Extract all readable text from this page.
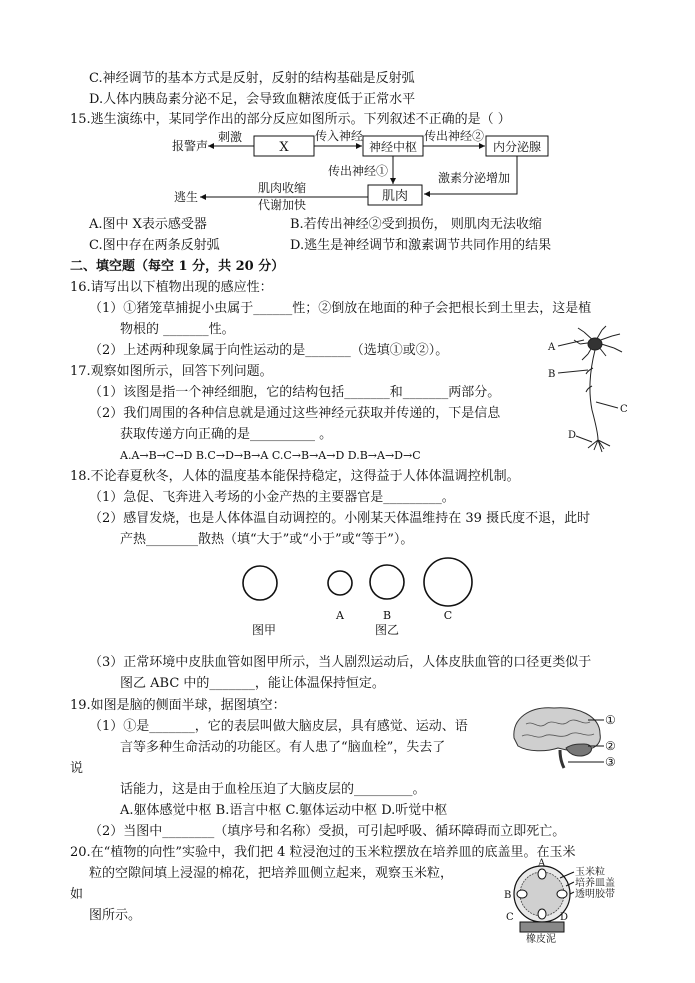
C.神经调节的基本方式是反射，反射的结构基础是反射弧
D.人体内胰岛素分泌不足，会导致血糖浓度低于正常水平
15.逃生演练中，某同学作出的部分反应如图所示。下列叙述不正确的是（ ）
X
报警声
刺激	传入神经
神经中枢
传出神经②
内分泌腺
传出神经①	激素分泌增加
肌肉
逃生
肌肉收缩
代谢加快
A.图中 X表示感受器	B.若传出神经②受到损伤， 则肌肉无法收缩
C.图中存在两条反射弧	D.逃生是神经调节和激素调节共同作用的结果
二、填空题（每空 1 分，共 20 分）
16.请写出以下植物出现的感应性：
（1）①猪笼草捕捉小虫属于______性；②倒放在地面的种子会把根长到土里去，这是植
物根的 _______性。
（2）上述两种现象属于向性运动的是_______（选填①或②）。	A
B
C
D
17.观察如图所示，回答下列问题。
（1）该图是指一个神经细胞，它的结构包括_______和_______两部分。
（2）我们周围的各种信息就是通过这些神经元获取并传递的，下是信息
获取传递方向正确的是__________ 。
A.A→B→C→D B.C→D→B→A C.C→B→A→D D.B→A→D→C
18.不论春夏秋冬，人体的温度基本能保持稳定，这得益于人体体温调控机制。
（1）急促、飞奔进入考场的小金产热的主要器官是_________。
（2）感冒发烧，也是人体体温自动调控的。小刚某天体温维持在 39 摄氏度不退，此时
产热________散热（填“大于”或“小于”或“等于”）。
A	B	C
图甲	图乙
（3）正常环境中皮肤血管如图甲所示，当人剧烈运动后，人体皮肤血管的口径更类似于
图乙 ABC 中的_______，能让体温保持恒定。
19.如图是脑的侧面半球，据图填空：
（1）①是_______，它的表层叫做大脑皮层，具有感觉、运动、语
言等多种生命活动的功能区。有人患了“脑血栓”，失去了
说
话能力，这是由于血栓压迫了大脑皮层的_________。
A.躯体感觉中枢 B.语言中枢 C.躯体运动中枢 D.听觉中枢
（2）当图中________（填序号和名称）受损，可引起呼吸、循环障碍而立即死亡。
①
②
③
20.在“植物的向性”实验中，我们把 4 粒浸泡过的玉米粒摆放在培养皿的底盖里。在玉米
粒的空隙间填上浸湿的棉花，把培养皿侧立起来，观察玉米粒，
如
图所示。
A
B
C	D
玉米粒
培养皿盖
透明胶带
橡皮泥
